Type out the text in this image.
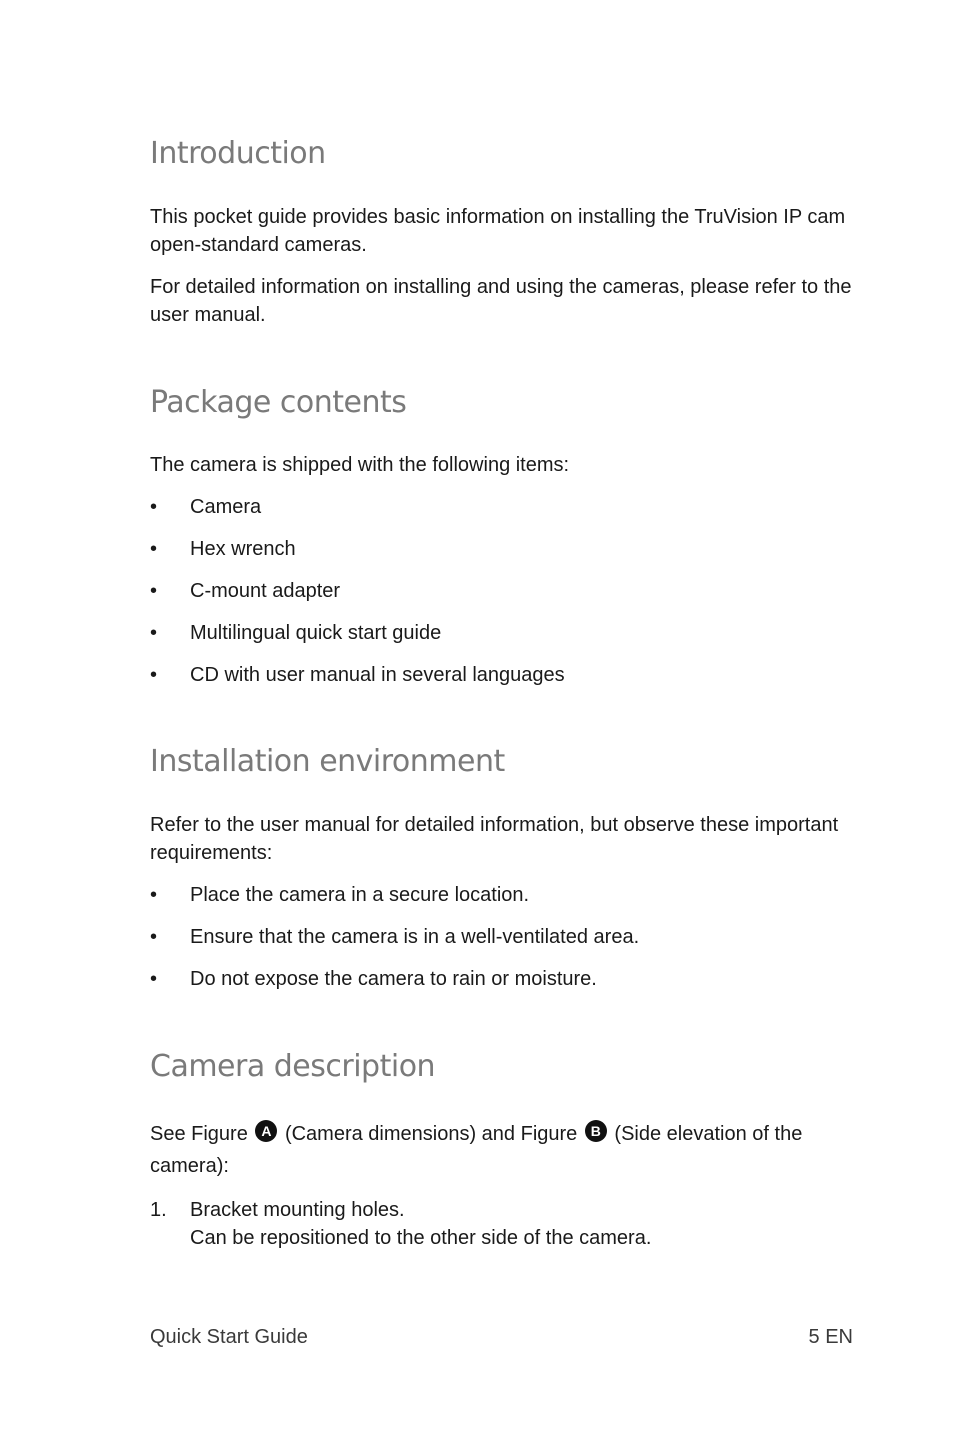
Introduction

This pocket guide provides basic information on installing the TruVision IP cam open-standard cameras.

For detailed information on installing and using the cameras, please refer to the user manual.

Package contents

The camera is shipped with the following items:

•	Camera
•	Hex wrench
•	C-mount adapter
•	Multilingual quick start guide
•	CD with user manual in several languages
Installation environment

Refer to the user manual for detailed information, but observe these important requirements:

•	Place the camera in a secure location.
•	Ensure that the camera is in a well-ventilated area.
•	Do not expose the camera to rain or moisture.
Camera description

See Figure A (Camera dimensions) and Figure B (Side elevation of the camera):

1. Bracket mounting holes.
Can be repositioned to the other side of the camera.
Quick Start Guide	5 EN
